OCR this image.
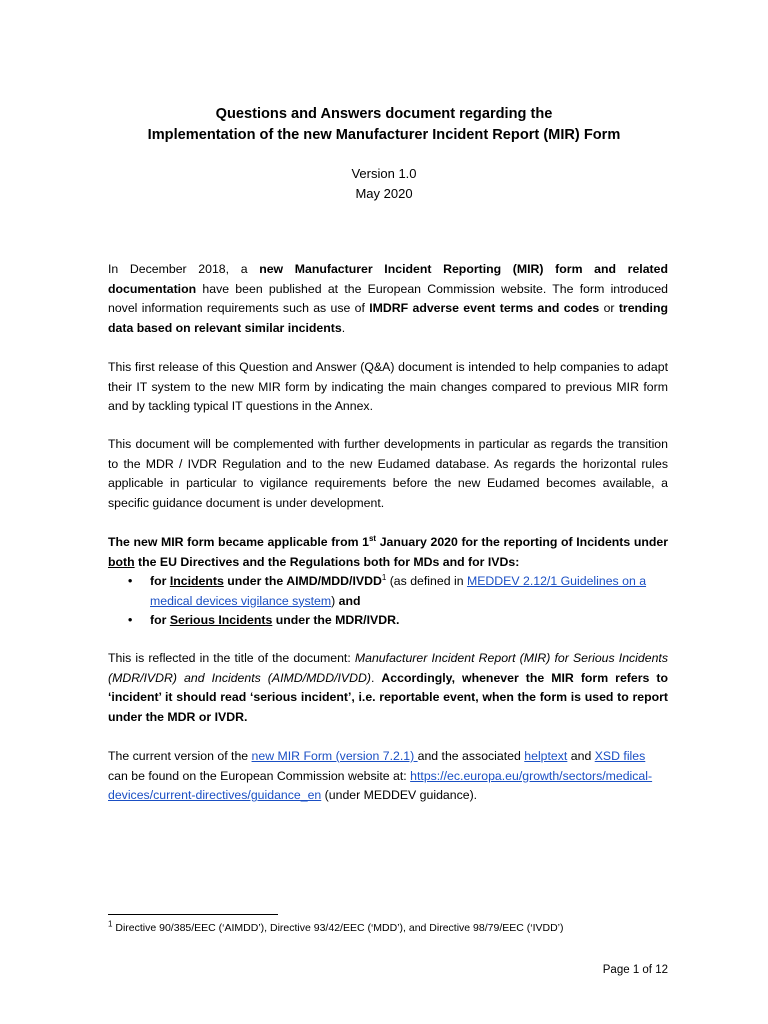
Questions and Answers document regarding the
Implementation of the new Manufacturer Incident Report (MIR) Form
Version 1.0
May 2020

In December 2018, a new Manufacturer Incident Reporting (MIR) form and related documentation have been published at the European Commission website. The form introduced novel information requirements such as use of IMDRF adverse event terms and codes or trending data based on relevant similar incidents.

This first release of this Question and Answer (Q&A) document is intended to help companies to adapt their IT system to the new MIR form by indicating the main changes compared to previous MIR form and by tackling typical IT questions in the Annex.

This document will be complemented with further developments in particular as regards the transition to the MDR / IVDR Regulation and to the new Eudamed database. As regards the horizontal rules applicable in particular to vigilance requirements before the new Eudamed becomes available, a specific guidance document is under development.

The new MIR form became applicable from 1st January 2020 for the reporting of Incidents under both the EU Directives and the Regulations both for MDs and for IVDs:
• for Incidents under the AIMD/MDD/IVDD$^1$ (as defined in MEDDEV 2.12/1 Guidelines on a medical devices vigilance system) and
• for Serious Incidents under the MDR/IVDR.

This is reflected in the title of the document: Manufacturer Incident Report (MIR) for Serious Incidents (MDR/IVDR) and Incidents (AIMD/MDD/IVDD). Accordingly, whenever the MIR form refers to ‘incident’ it should read ‘serious incident’, i.e. reportable event, when the form is used to report under the MDR or IVDR.

The current version of the new MIR Form (version 7.2.1) and the associated helptext and XSD files can be found on the European Commission website at: https://ec.europa.eu/growth/sectors/medical-devices/current-directives/guidance_en (under MEDDEV guidance).

$^1$ Directive 90/385/EEC (‘AIMDD’), Directive 93/42/EEC (‘MDD’), and Directive 98/79/EEC (‘IVDD’)
Page 1 of 12
